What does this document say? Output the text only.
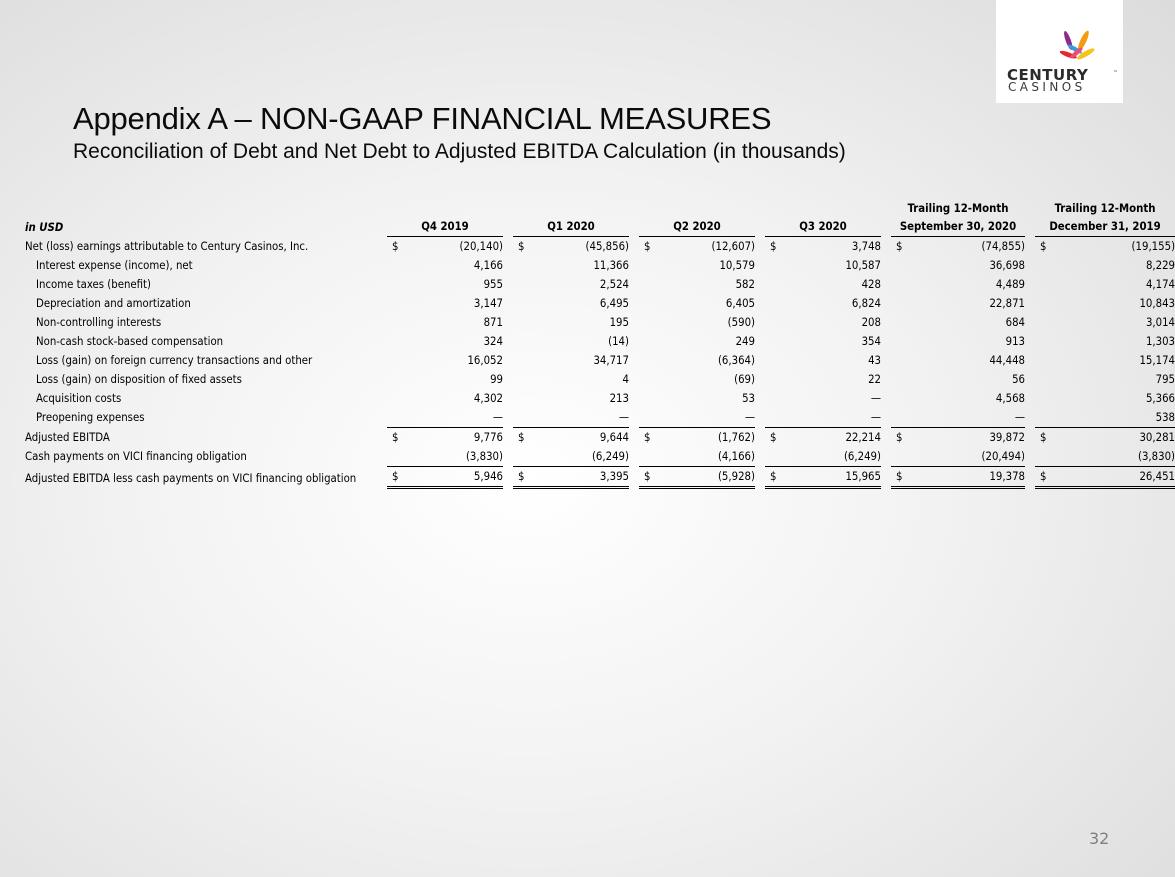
CENTURY	™
CASINOS
Appendix A – NON-GAAP FINANCIAL MEASURES
Reconciliation of Debt and Net Debt to Adjusted EBITDA Calculation (in thousands)
													Trailing 12-Month			Trailing 12-Month	
in USD	Q4 2019			Q1 2020			Q2 2020			Q3 2020			September 30, 2020			December 31, 2019	
Net (loss) earnings attributable to Century Casinos, Inc.	$	(20,140)		$	(45,856)		$	(12,607)		$	3,748		$	(74,855)		$	(19,155)
Interest expense (income), net		4,166			11,366			10,579			10,587			36,698			8,229
Income taxes (benefit)		955			2,524			582			428			4,489			4,174
Depreciation and amortization		3,147			6,495			6,405			6,824			22,871			10,843
Non-controlling interests		871			195			(590)			208			684			3,014
Non-cash stock-based compensation		324			(14)			249			354			913			1,303
Loss (gain) on foreign currency transactions and other		16,052			34,717			(6,364)			43			44,448			15,174
Loss (gain) on disposition of fixed assets		99			4			(69)			22			56			795
Acquisition costs		4,302			213			53			—			4,568			5,366
Preopening expenses		—			—			—			—			—			538
Adjusted EBITDA	$	9,776		$	9,644		$	(1,762)		$	22,214		$	39,872		$	30,281
Cash payments on VICI financing obligation		(3,830)			(6,249)			(4,166)			(6,249)			(20,494)			(3,830)
Adjusted EBITDA less cash payments on VICI financing obligation	$	5,946		$	3,395		$	(5,928)		$	15,965		$	19,378		$	26,451
32
